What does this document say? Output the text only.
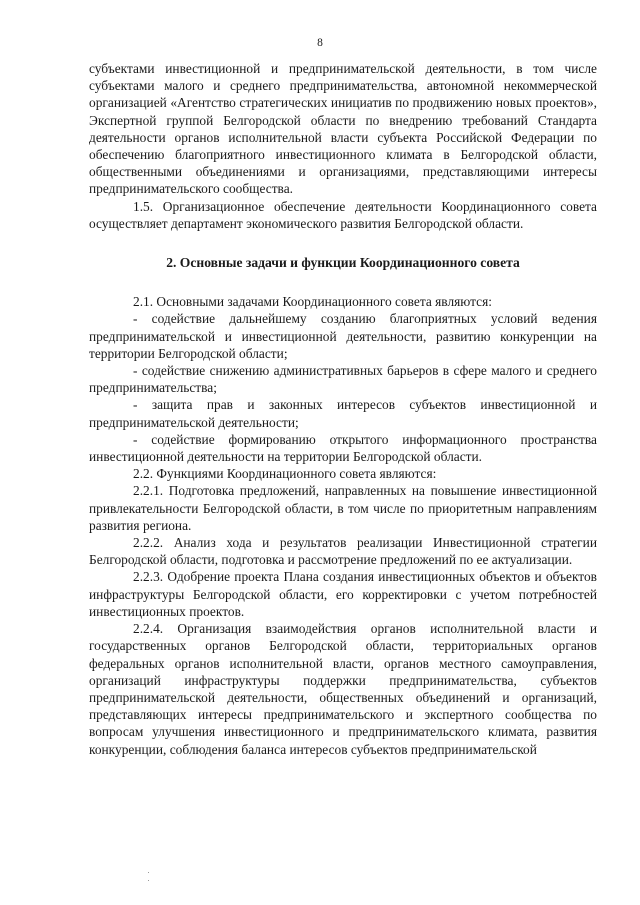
8

субъектами инвестиционной и предпринимательской деятельности, в том числе субъектами малого и среднего предпринимательства, автономной некоммерческой организацией «Агентство стратегических инициатив по продвижению новых проектов», Экспертной группой Белгородской области по внедрению требований Стандарта деятельности органов исполнительной власти субъекта Российской Федерации по обеспечению благоприятного инвестиционного климата в Белгородской области, общественными объединениями и организациями, представляющими интересы предпринимательского сообщества.

1.5. Организационное обеспечение деятельности Координационного совета осуществляет департамент экономического развития Белгородской области.

2. Основные задачи и функции Координационного совета

2.1. Основными задачами Координационного совета являются:

- содействие дальнейшему созданию благоприятных условий ведения предпринимательской и инвестиционной деятельности, развитию конкуренции на территории Белгородской области;

- содействие снижению административных барьеров в сфере малого и среднего предпринимательства;

- защита прав и законных интересов субъектов инвестиционной и предпринимательской деятельности;

- содействие формированию открытого информационного пространства инвестиционной деятельности на территории Белгородской области.

2.2. Функциями Координационного совета являются:

2.2.1. Подготовка предложений, направленных на повышение инвестиционной привлекательности Белгородской области, в том числе по приоритетным направлениям развития региона.

2.2.2. Анализ хода и результатов реализации Инвестиционной стратегии Белгородской области, подготовка и рассмотрение предложений по ее актуализации.

2.2.3. Одобрение проекта Плана создания инвестиционных объектов и объектов инфраструктуры Белгородской области, его корректировки с учетом потребностей инвестиционных проектов.

2.2.4. Организация взаимодействия органов исполнительной власти и государственных органов Белгородской области, территориальных органов федеральных органов исполнительной власти, органов местного самоуправления, организаций инфраструктуры поддержки предпринимательства, субъектов предпринимательской деятельности, общественных объединений и организаций, представляющих интересы предпринимательского и экспертного сообщества по вопросам улучшения инвестиционного и предпринимательского климата, развития конкуренции, соблюдения баланса интересов субъектов предпринимательской
